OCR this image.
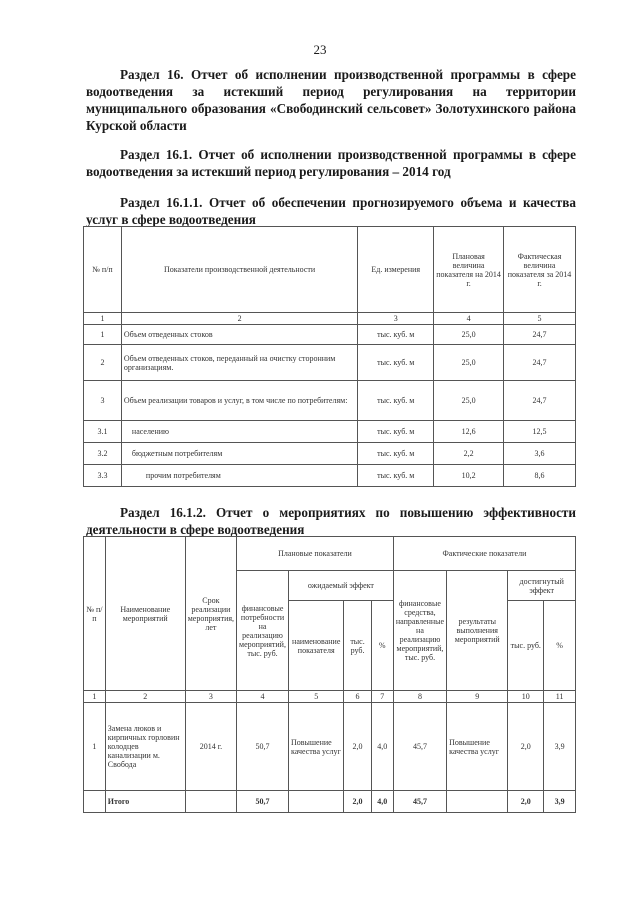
23
Раздел 16. Отчет об исполнении производственной программы в сфере водоотведения за истекший период регулирования на территории муниципального образования «Свободинский сельсовет» Золотухинского района Курской области
Раздел 16.1. Отчет об исполнении производственной программы в сфере водоотведения за истекший период регулирования – 2014 год
Раздел 16.1.1. Отчет об обеспечении прогнозируемого объема и качества услуг в сфере водоотведения
№ п/п	Показатели производственной деятельности	Ед. измерения	Плановая величина показателя на 2014 г.	Фактическая величина показателя за 2014 г.
1	2	3	4	5
1	Объем отведенных стоков	тыс. куб. м	25,0	24,7
2	Объем отведенных стоков, переданный на очистку сторонним организациям.	тыс. куб. м	25,0	24,7
3	Объем реализации товаров и услуг, в том числе по потребителям:	тыс. куб. м	25,0	24,7
3.1	населению	тыс. куб. м	12,6	12,5
3.2	бюджетным потребителям	тыс. куб. м	2,2	3,6
3.3	прочим потребителям	тыс. куб. м	10,2	8,6
Раздел 16.1.2. Отчет о мероприятиях по повышению эффективности деятельности в сфере водоотведения
№ п/п	Наименование мероприятий	Срок реализации мероприятия, лет	Плановые показатели				Фактические показатели			
			финансовые потребности на реализацию мероприятий, тыс. руб.	ожидаемый эффект			финансовые средства, направленные на реализацию мероприятий, тыс. руб.	результаты выполнения мероприятий	достигнутый эффект	
				наименование показателя	тыс. руб.	%			тыс. руб.	%
1	2	3	4	5	6	7	8	9	10	11
1	Замена люков и кирпичных горловин колодцев канализации м. Свобода	2014 г.	50,7	Повышение качества услуг	2,0	4,0	45,7	Повышение качества услуг	2,0	3,9
	Итого		50,7		2,0	4,0	45,7		2,0	3,9
